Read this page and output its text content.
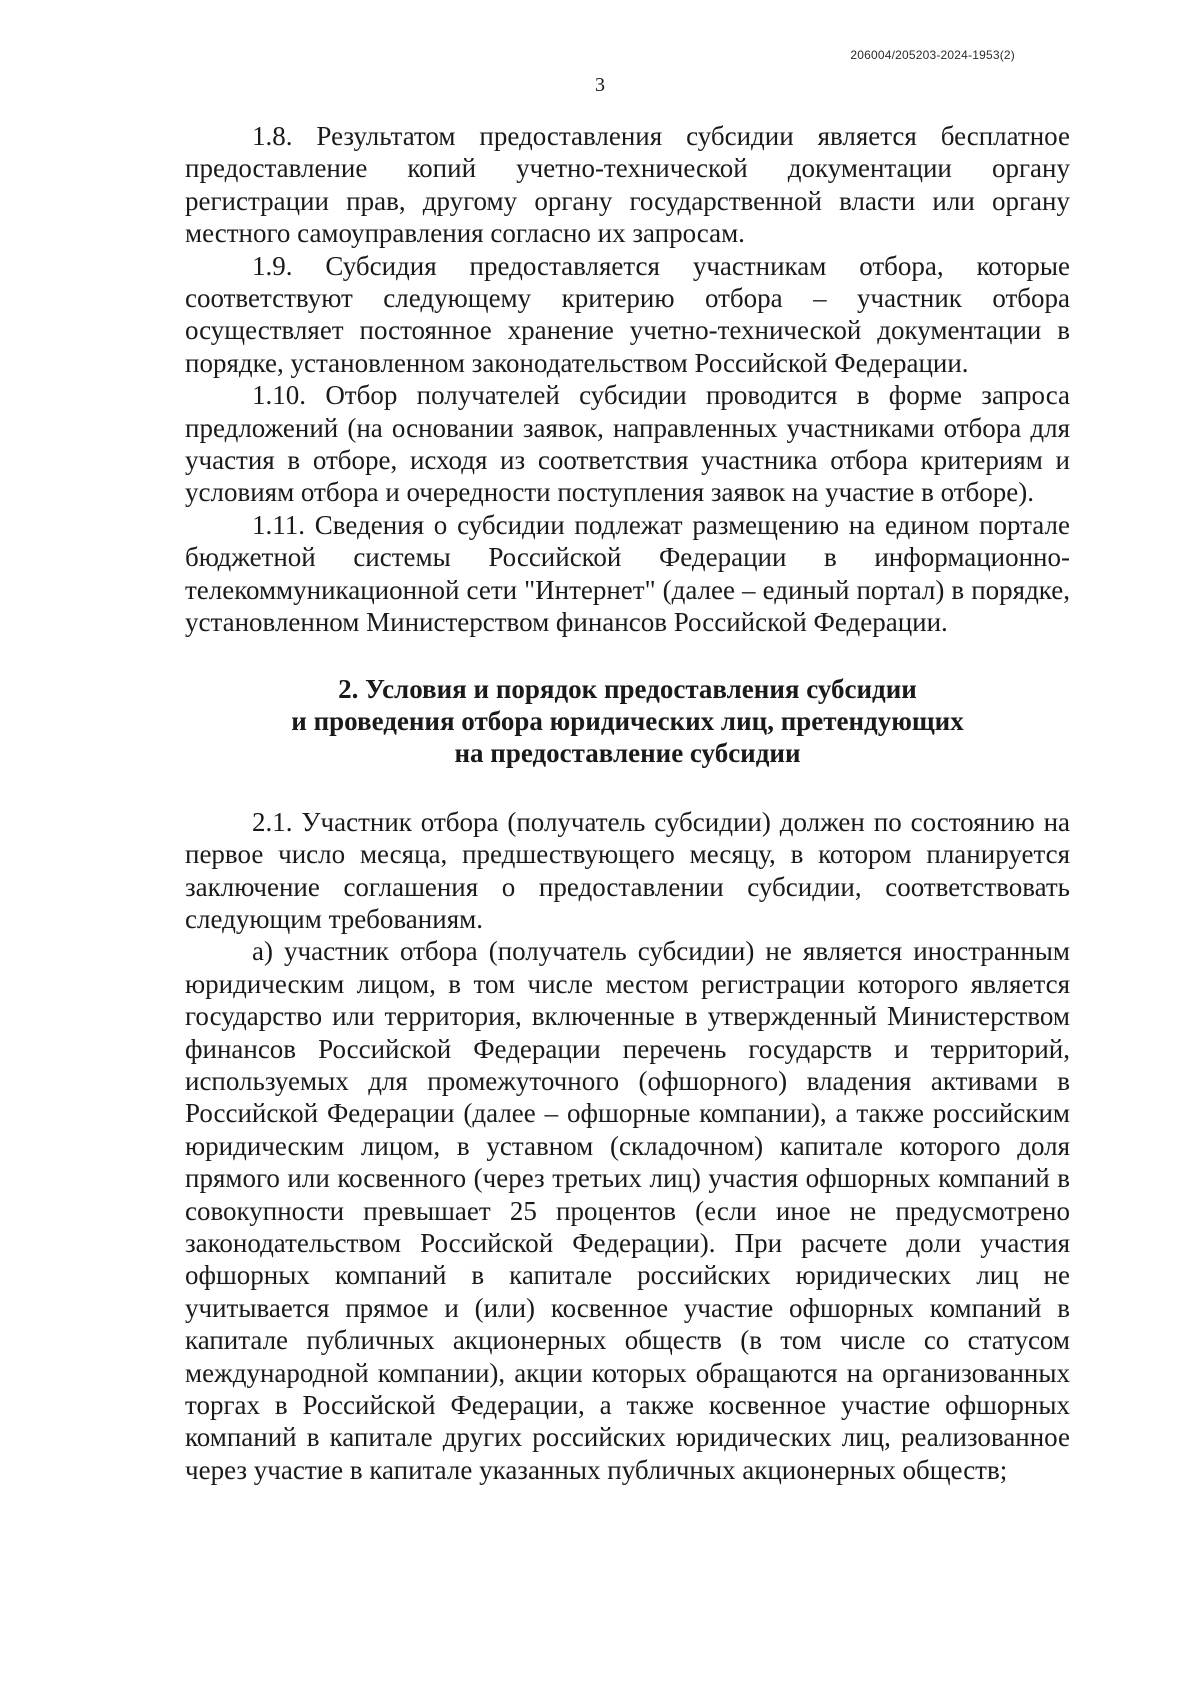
206004/205203-2024-1953(2)
3

1.8. Результатом предоставления субсидии является бесплатное предоставление копий учетно-технической документации органу регистрации прав, другому органу государственной власти или органу местного самоуправления согласно их запросам.

1.9. Субсидия предоставляется участникам отбора, которые соответствуют следующему критерию отбора – участник отбора осуществляет постоянное хранение учетно-технической документации в порядке, установленном законодательством Российской Федерации.

1.10. Отбор получателей субсидии проводится в форме запроса предложений (на основании заявок, направленных участниками отбора для участия в отборе, исходя из соответствия участника отбора критериям и условиям отбора и очередности поступления заявок на участие в отборе).

1.11. Сведения о субсидии подлежат размещению на едином портале бюджетной системы Российской Федерации в информационно-телекоммуникационной сети "Интернет" (далее – единый портал) в порядке, установленном Министерством финансов Российской Федерации.

2. Условия и порядок предоставления субсидии
и проведения отбора юридических лиц, претендующих
на предоставление субсидии

2.1. Участник отбора (получатель субсидии) должен по состоянию на первое число месяца, предшествующего месяцу, в котором планируется заключение соглашения о предоставлении субсидии, соответствовать следующим требованиям.

а) участник отбора (получатель субсидии) не является иностранным юридическим лицом, в том числе местом регистрации которого является государство или территория, включенные в утвержденный Министерством финансов Российской Федерации перечень государств и территорий, используемых для промежуточного (офшорного) владения активами в Российской Федерации (далее – офшорные компании), а также российским юридическим лицом, в уставном (складочном) капитале которого доля прямого или косвенного (через третьих лиц) участия офшорных компаний в совокупности превышает 25 процентов (если иное не предусмотрено законодательством Российской Федерации). При расчете доли участия офшорных компаний в капитале российских юридических лиц не учитывается прямое и (или) косвенное участие офшорных компаний в капитале публичных акционерных обществ (в том числе со статусом международной компании), акции которых обращаются на организованных торгах в Российской Федерации, а также косвенное участие офшорных компаний в капитале других российских юридических лиц, реализованное через участие в капитале указанных публичных акционерных обществ;
